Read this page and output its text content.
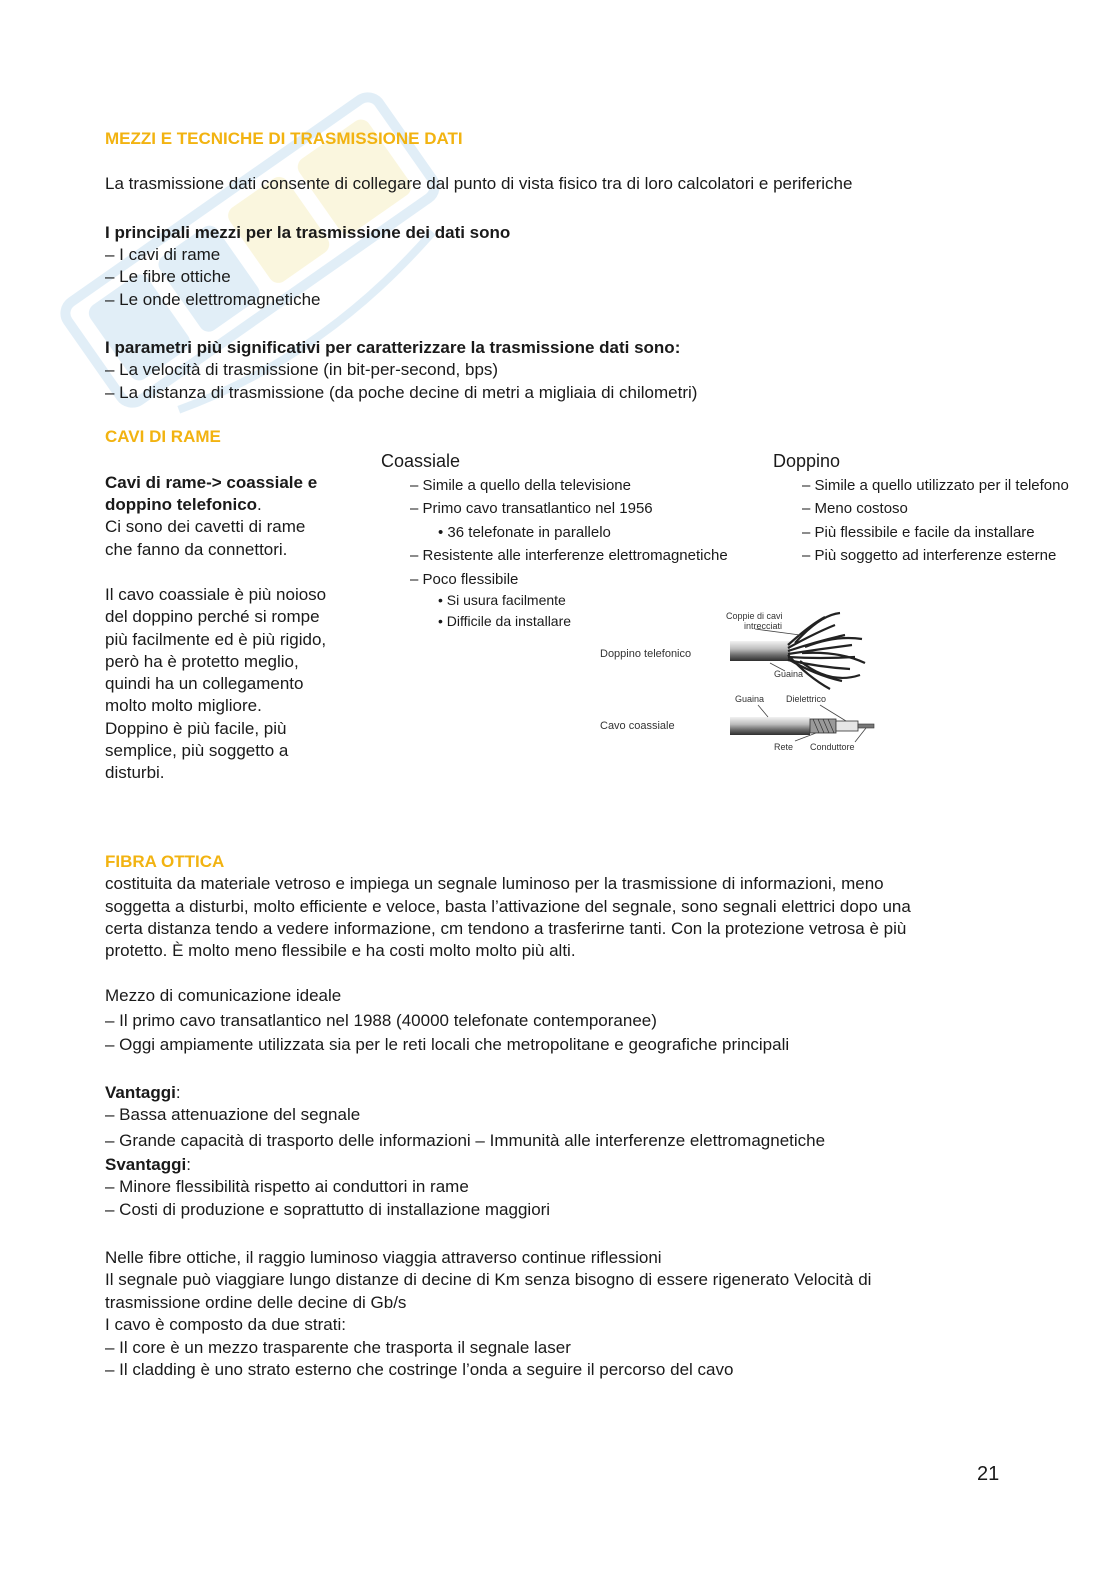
MEZZI E TECNICHE DI TRASMISSIONE DATI

La trasmissione dati consente di collegare dal punto di vista fisico tra di loro calcolatori e periferiche

I principali mezzi per la trasmissione dei dati sono

– I cavi di rame

– Le fibre ottiche

– Le onde elettromagnetiche

I parametri più significativi per caratterizzare la trasmissione dati sono:

– La velocità di trasmissione (in bit-per-second, bps)

– La distanza di trasmissione (da poche decine di metri a migliaia di chilometri)

CAVI DI RAME

Cavi di rame-> coassiale e

doppino telefonico.

Ci sono dei cavetti di rame

che fanno da connettori.

Il cavo coassiale è più noioso

del doppino perché si rompe

più facilmente ed è più rigido,

però ha è protetto meglio,

quindi ha un collegamento

molto molto migliore.

Doppino è più facile, più

semplice, più soggetto a

disturbi.

Coassiale

– Simile a quello della televisione

– Primo cavo transatlantico nel 1956

• 36 telefonate in parallelo

– Resistente alle interferenze elettromagnetiche

– Poco flessibile

• Si usura facilmente

• Difficile da installare

Doppino

– Simile a quello utilizzato per il telefono

– Meno costoso

– Più flessibile e facile da installare

– Più soggetto ad interferenze esterne

Doppino telefonico
Cavo coassiale
Coppie di cavi
intrecciati
Guaina
Guaina Dielettrico
Rete Conduttore

FIBRA OTTICA

costituita da materiale vetroso e impiega un segnale luminoso per la trasmissione di informazioni, meno

soggetta a disturbi, molto efficiente e veloce, basta l’attivazione del segnale, sono segnali elettrici dopo una

certa distanza tendo a vedere informazione, cm tendono a trasferirne tanti. Con la protezione vetrosa è più

protetto. È molto meno flessibile e ha costi molto molto più alti.

Mezzo di comunicazione ideale

– Il primo cavo transatlantico nel 1988 (40000 telefonate contemporanee)

– Oggi ampiamente utilizzata sia per le reti locali che metropolitane e geografiche principali

Vantaggi:

– Bassa attenuazione del segnale

– Grande capacità di trasporto delle informazioni – Immunità alle interferenze elettromagnetiche

Svantaggi:

– Minore flessibilità rispetto ai conduttori in rame

– Costi di produzione e soprattutto di installazione maggiori

Nelle fibre ottiche, il raggio luminoso viaggia attraverso continue riflessioni

Il segnale può viaggiare lungo distanze di decine di Km senza bisogno di essere rigenerato Velocità di

trasmissione ordine delle decine di Gb/s

I cavo è composto da due strati:

– Il core è un mezzo trasparente che trasporta il segnale laser

– Il cladding è uno strato esterno che costringe l’onda a seguire il percorso del cavo

21
